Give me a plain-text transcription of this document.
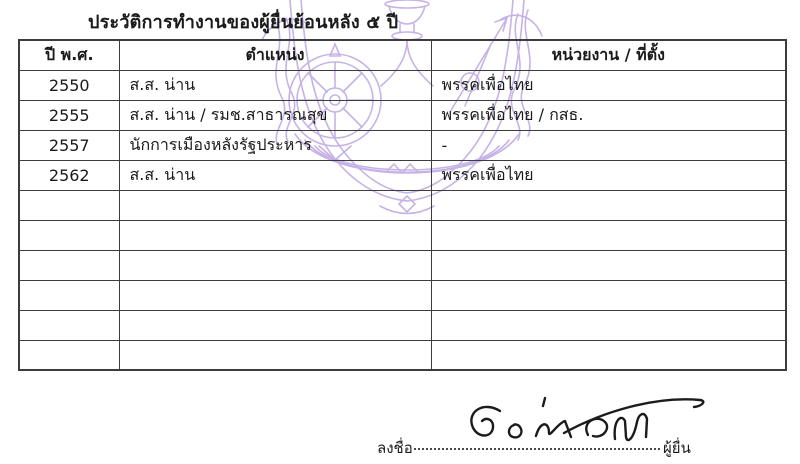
ประวัติการทำงานของผู้ยื่นย้อนหลัง ๕ ปี
ปี พ.ศ.	ตำแหน่ง	หน่วยงาน / ที่ตั้ง
2550	ส.ส. น่าน	พรรคเพื่อไทย
2555	ส.ส. น่าน / รมช.สาธารณสุข	พรรคเพื่อไทย / กสธ.
2557	นักการเมืองหลังรัฐประหาร	-
2562	ส.ส. น่าน	พรรคเพื่อไทย

ลงชื่อ	ผู้ยื่น
